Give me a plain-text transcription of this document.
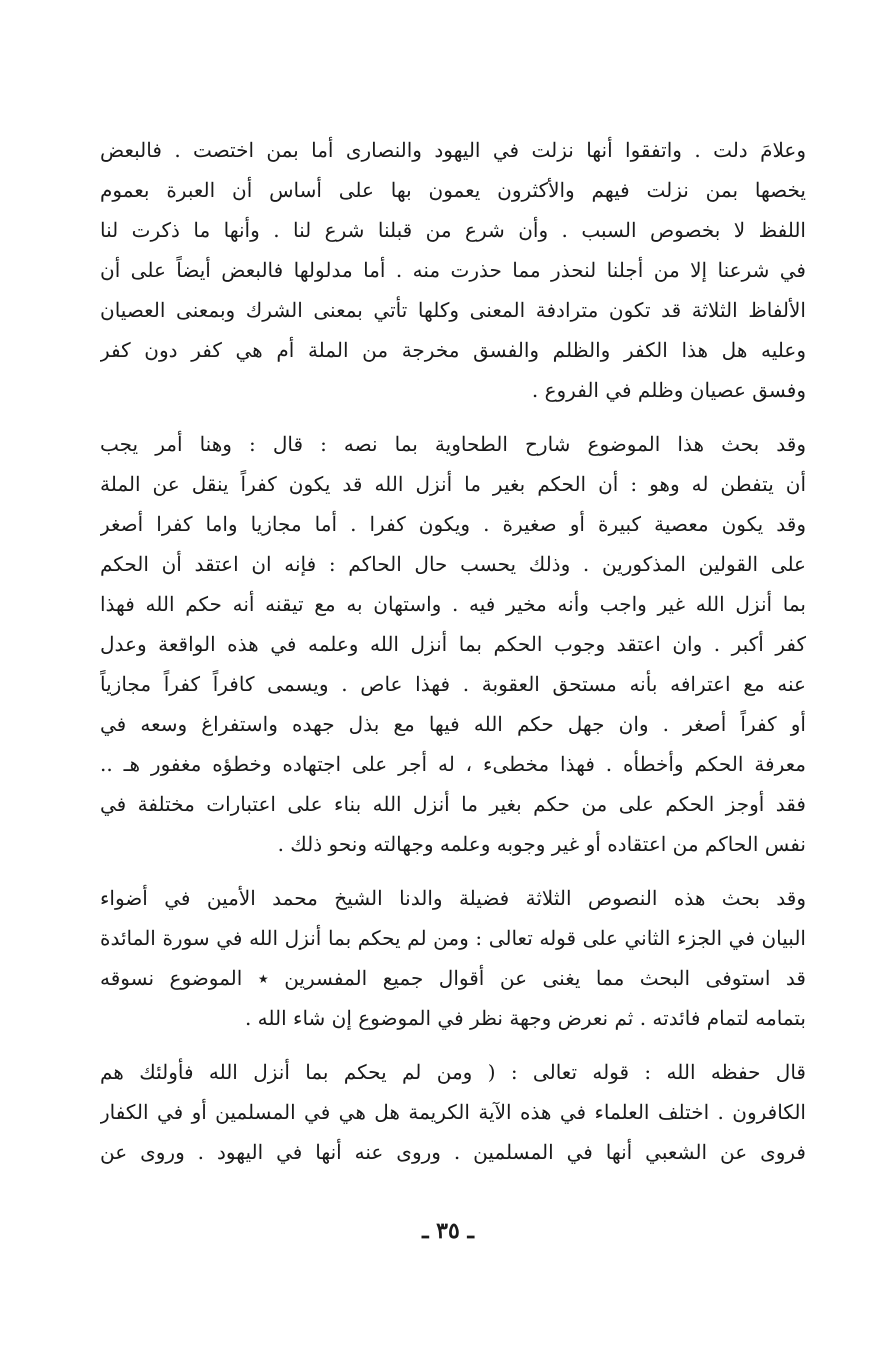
وعلامَ دلت . واتفقوا أنها نزلت في اليهود والنصارى أما بمن اختصت . فالبعض
يخصها بمن نزلت فيهم والأكثرون يعمون بها على أساس أن العبرة بعموم
اللفظ لا بخصوص السبب . وأن شرع من قبلنا شرع لنا . وأنها ما ذكرت لنا
في شرعنا إلا من أجلنا لنحذر مما حذرت منه . أما مدلولها فالبعض أيضاً على أن
الألفاظ الثلاثة قد تكون مترادفة المعنى وكلها تأتي بمعنى الشرك وبمعنى العصيان
وعليه هل هذا الكفر والظلم والفسق مخرجة من الملة أم هي كفر دون كفر
وفسق عصيان وظلم في الفروع .
وقد بحث هذا الموضوع شارح الطحاوية بما نصه : قال : وهنا أمر يجب
أن يتفطن له وهو : أن الحكم بغير ما أنزل الله قد يكون كفراً ينقل عن الملة
وقد يكون معصية كبيرة أو صغيرة . ويكون كفرا . أما مجازيا واما كفرا أصغر
على القولين المذكورين . وذلك يحسب حال الحاكم : فإنه ان اعتقد أن الحكم
بما أنزل الله غير واجب وأنه مخير فيه . واستهان به مع تيقنه أنه حكم الله فهذا
كفر أكبر . وان اعتقد وجوب الحكم بما أنزل الله وعلمه في هذه الواقعة وعدل
عنه مع اعترافه بأنه مستحق العقوبة . فهذا عاص . ويسمى كافراً كفراً مجازياً
أو كفراً أصغر . وان جهل حكم الله فيها مع بذل جهده واستفراغ وسعه في
معرفة الحكم وأخطأه . فهذا مخطىء ، له أجر على اجتهاده وخطؤه مغفور هـ ..
فقد أوجز الحكم على من حكم بغير ما أنزل الله بناء على اعتبارات مختلفة في
نفس الحاكم من اعتقاده أو غير وجوبه وعلمه وجهالته ونحو ذلك .
وقد بحث هذه النصوص الثلاثة فضيلة والدنا الشيخ محمد الأمين في أضواء
البيان في الجزء الثاني على قوله تعالى : ومن لم يحكم بما أنزل الله في سورة المائدة
قد استوفى البحث مما يغنى عن أقوال جميع المفسرين ٭ الموضوع نسوقه
بتمامه لتمام فائدته . ثم نعرض وجهة نظر في الموضوع إن شاء الله .
قال حفظه الله : قوله تعالى : ( ومن لم يحكم بما أنزل الله فأولئك هم
الكافرون . اختلف العلماء في هذه الآية الكريمة هل هي في المسلمين أو في الكفار
فروى عن الشعبي أنها في المسلمين . وروى عنه أنها في اليهود . وروى عن
ـ ٣٥ ـ
